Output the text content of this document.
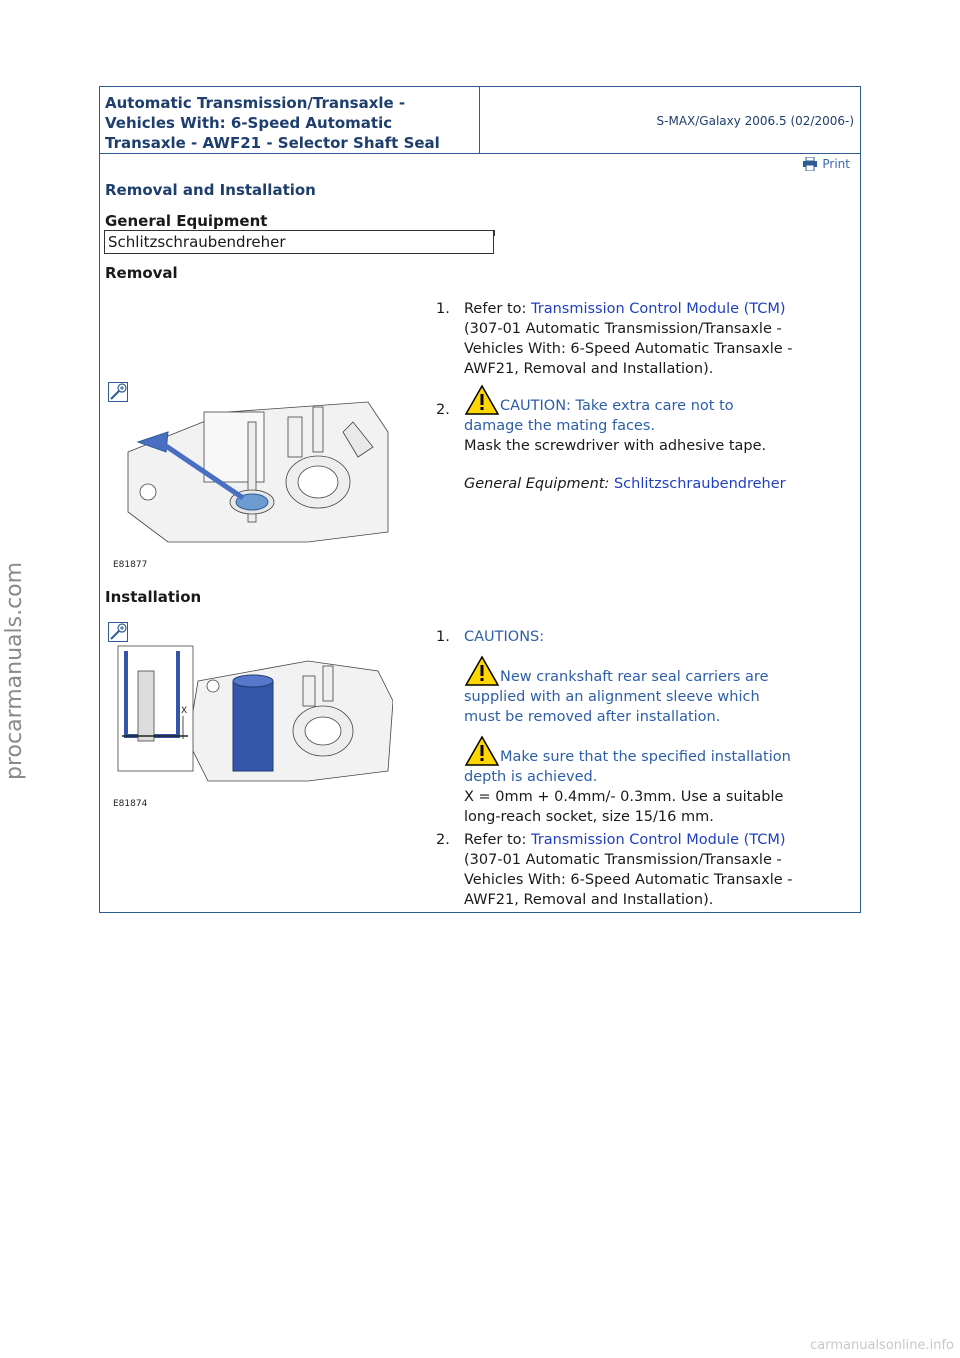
Automatic Transmission/Transaxle -
Vehicles With: 6-Speed Automatic
Transaxle - AWF21 - Selector Shaft Seal
S-MAX/Galaxy 2006.5 (02/2006-)
Print
Removal and Installation
General Equipment
Schlitzschraubendreher
Removal
1. Refer to: Transmission Control Module (TCM)
(307-01 Automatic Transmission/Transaxle -
Vehicles With: 6-Speed Automatic Transaxle -
AWF21, Removal and Installation).
E81877
2.	CAUTION: Take extra care not to
damage the mating faces.
Mask the screwdriver with adhesive tape.
General Equipment: Schlitzschraubendreher
Installation
X
E81874
1. CAUTIONS:
New crankshaft rear seal carriers are
supplied with an alignment sleeve which
must be removed after installation.
Make sure that the specified installation
depth is achieved.
X = 0mm + 0.4mm/- 0.3mm. Use a suitable
long-reach socket, size 15/16 mm.
2. Refer to: Transmission Control Module (TCM)
(307-01 Automatic Transmission/Transaxle -
Vehicles With: 6-Speed Automatic Transaxle -
AWF21, Removal and Installation).
procarmanuals.com
carmanualsonline.info
